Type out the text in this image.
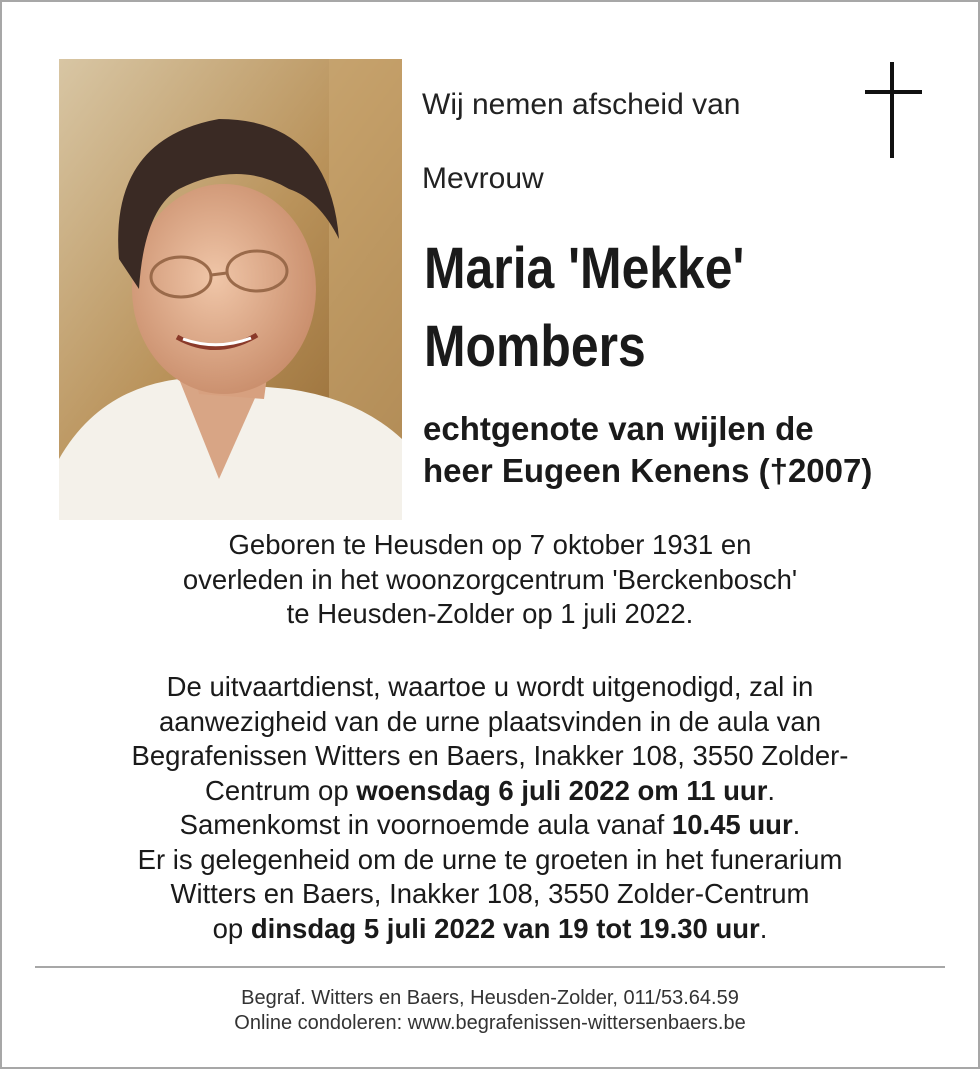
Wij nemen afscheid van
Mevrouw
Maria 'Mekke'
Mombers
echtgenote van wijlen de
heer Eugeen Kenens (†2007)
Geboren te Heusden op 7 oktober 1931 en
overleden in het woonzorgcentrum 'Berckenbosch'
te Heusden-Zolder op 1 juli 2022.
De uitvaartdienst, waartoe u wordt uitgenodigd, zal in
aanwezigheid van de urne plaatsvinden in de aula van
Begrafenissen Witters en Baers, Inakker 108, 3550 Zolder-
Centrum op woensdag 6 juli 2022 om 11 uur.
Samenkomst in voornoemde aula vanaf 10.45 uur.
Er is gelegenheid om de urne te groeten in het funerarium
Witters en Baers, Inakker 108, 3550 Zolder-Centrum
op dinsdag 5 juli 2022 van 19 tot 19.30 uur.
Begraf. Witters en Baers, Heusden-Zolder, 011/53.64.59
Online condoleren: www.begrafenissen-wittersenbaers.be
